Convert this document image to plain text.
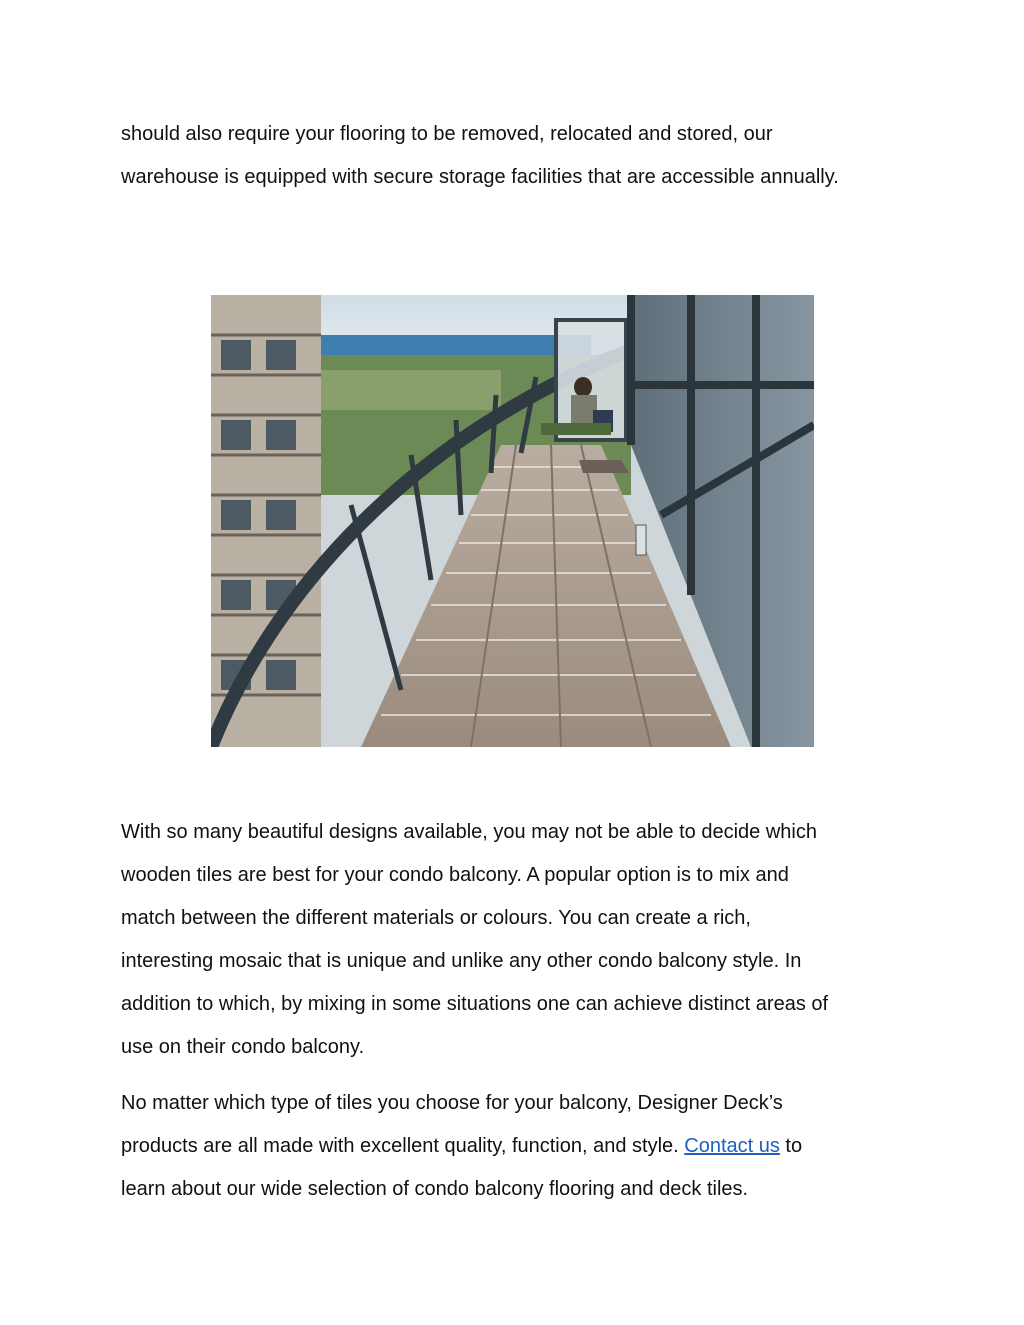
should also require your flooring to be removed, relocated and stored, our
warehouse is equipped with secure storage facilities that are accessible annually.

With so many beautiful designs available, you may not be able to decide which
wooden tiles are best for your condo balcony. A popular option is to mix and
match between the different materials or colours. You can create a rich,
interesting mosaic that is unique and unlike any other condo balcony style. In
addition to which, by mixing in some situations one can achieve distinct areas of
use on their condo balcony.

No matter which type of tiles you choose for your balcony, Designer Deck’s
products are all made with excellent quality, function, and style. Contact us to
learn about our wide selection of condo balcony flooring and deck tiles.
